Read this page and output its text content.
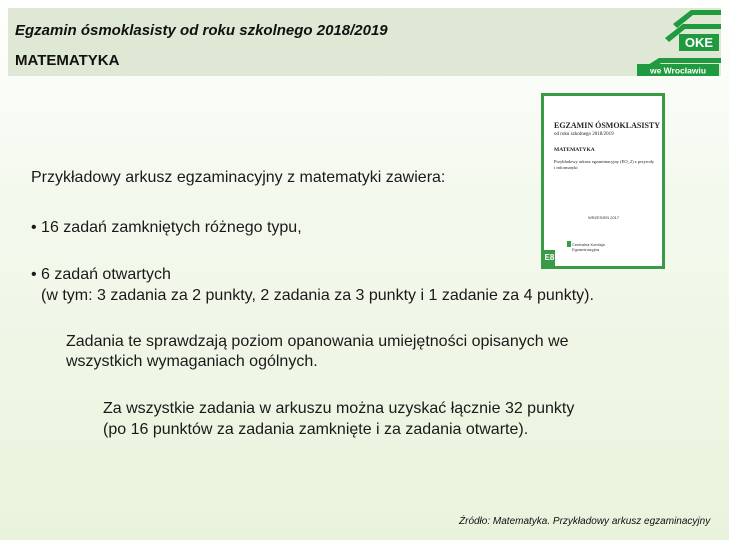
Egzamin ósmoklasisty od roku szkolnego 2018/2019
MATEMATYKA
OKE
we Wrocławiu
EGZAMIN ÓSMOKLASISTY
od roku szkolnego 2018/2019
MATEMATYKA
Przykładowy arkusz egzaminacyjny (EO_2) z przyrody i informatyki
WRZESIEŃ 2017
Centralna Komisja Egzaminacyjna
E8
Przykładowy arkusz egzaminacyjny z matematyki zawiera:
• 16 zadań zamkniętych różnego typu,
• 6 zadań otwartych
(w tym: 3 zadania za 2 punkty, 2 zadania za 3 punkty i 1 zadanie za 4 punkty).
Zadania te sprawdzają poziom opanowania umiejętności opisanych we
wszystkich wymaganiach ogólnych.
Za wszystkie zadania w arkuszu można uzyskać łącznie 32 punkty
(po 16 punktów za zadania zamknięte i za zadania otwarte).
Źródło: Matematyka. Przykładowy arkusz egzaminacyjny
